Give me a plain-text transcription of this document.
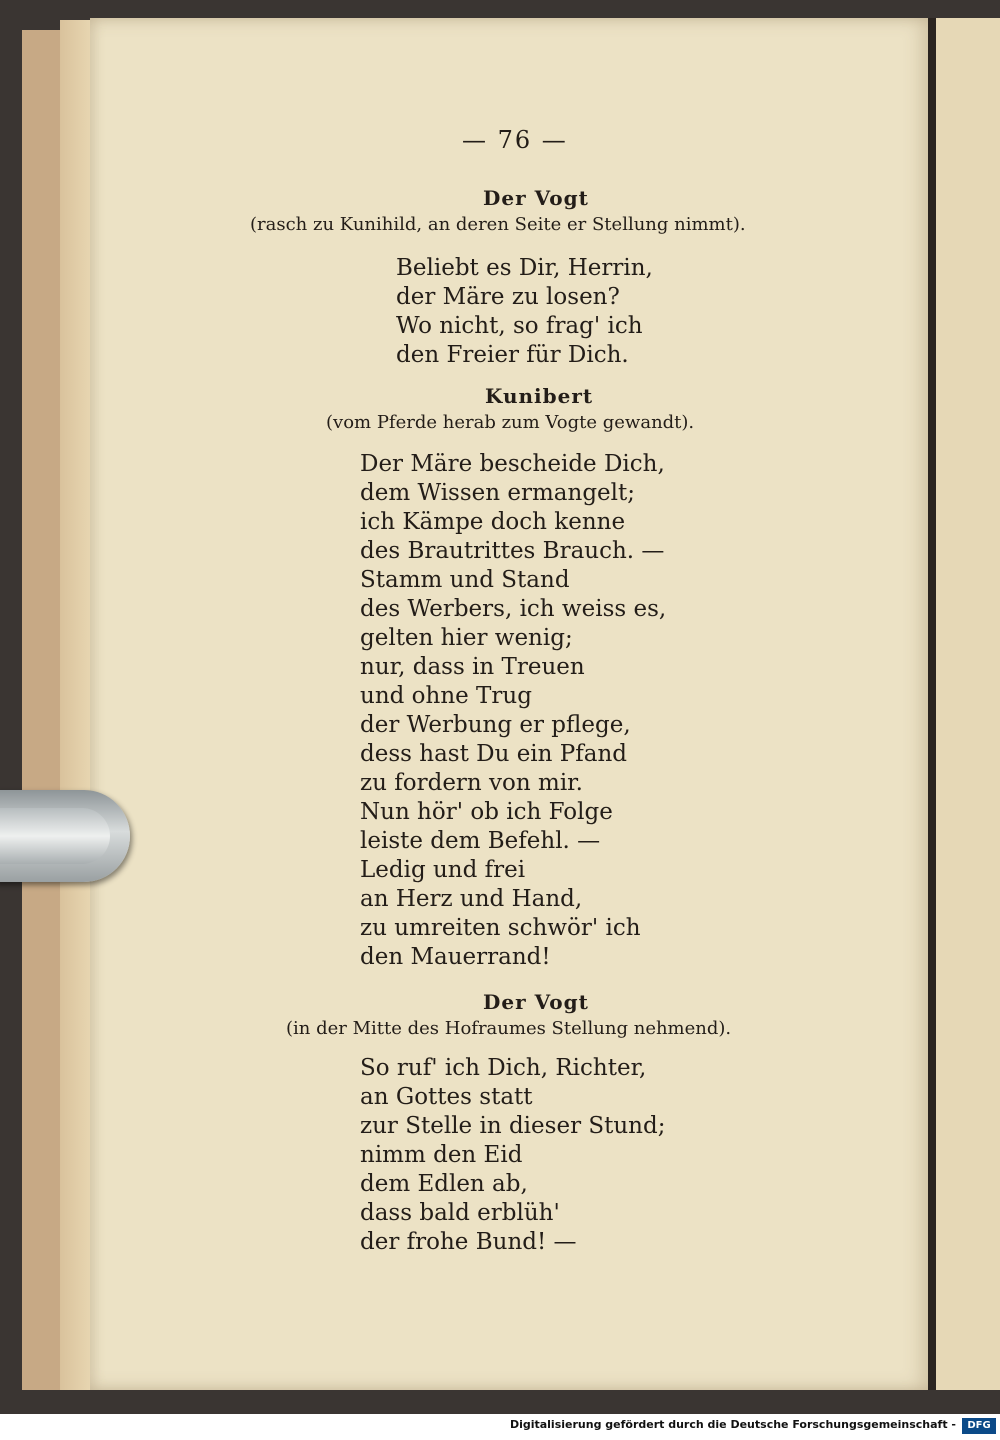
— 76 —
Der Vogt
(rasch zu Kunihild, an deren Seite er Stellung nimmt).
Beliebt es Dir, Herrin,
der Märe zu losen?
Wo nicht, so frag' ich
den Freier für Dich.
Kunibert
(vom Pferde herab zum Vogte gewandt).
Der Märe bescheide Dich,
dem Wissen ermangelt;
ich Kämpe doch kenne
des Brautrittes Brauch. —
Stamm und Stand
des Werbers, ich weiss es,
gelten hier wenig;
nur, dass in Treuen
und ohne Trug
der Werbung er pflege,
dess hast Du ein Pfand
zu fordern von mir.
Nun hör' ob ich Folge
leiste dem Befehl. —
Ledig und frei
an Herz und Hand,
zu umreiten schwör' ich
den Mauerrand!
Der Vogt
(in der Mitte des Hofraumes Stellung nehmend).
So ruf' ich Dich, Richter,
an Gottes statt
zur Stelle in dieser Stund;
nimm den Eid
dem Edlen ab,
dass bald erblüh'
der frohe Bund! —
Digitalisierung gefördert durch die Deutsche Forschungsgemeinschaft -	DFG
